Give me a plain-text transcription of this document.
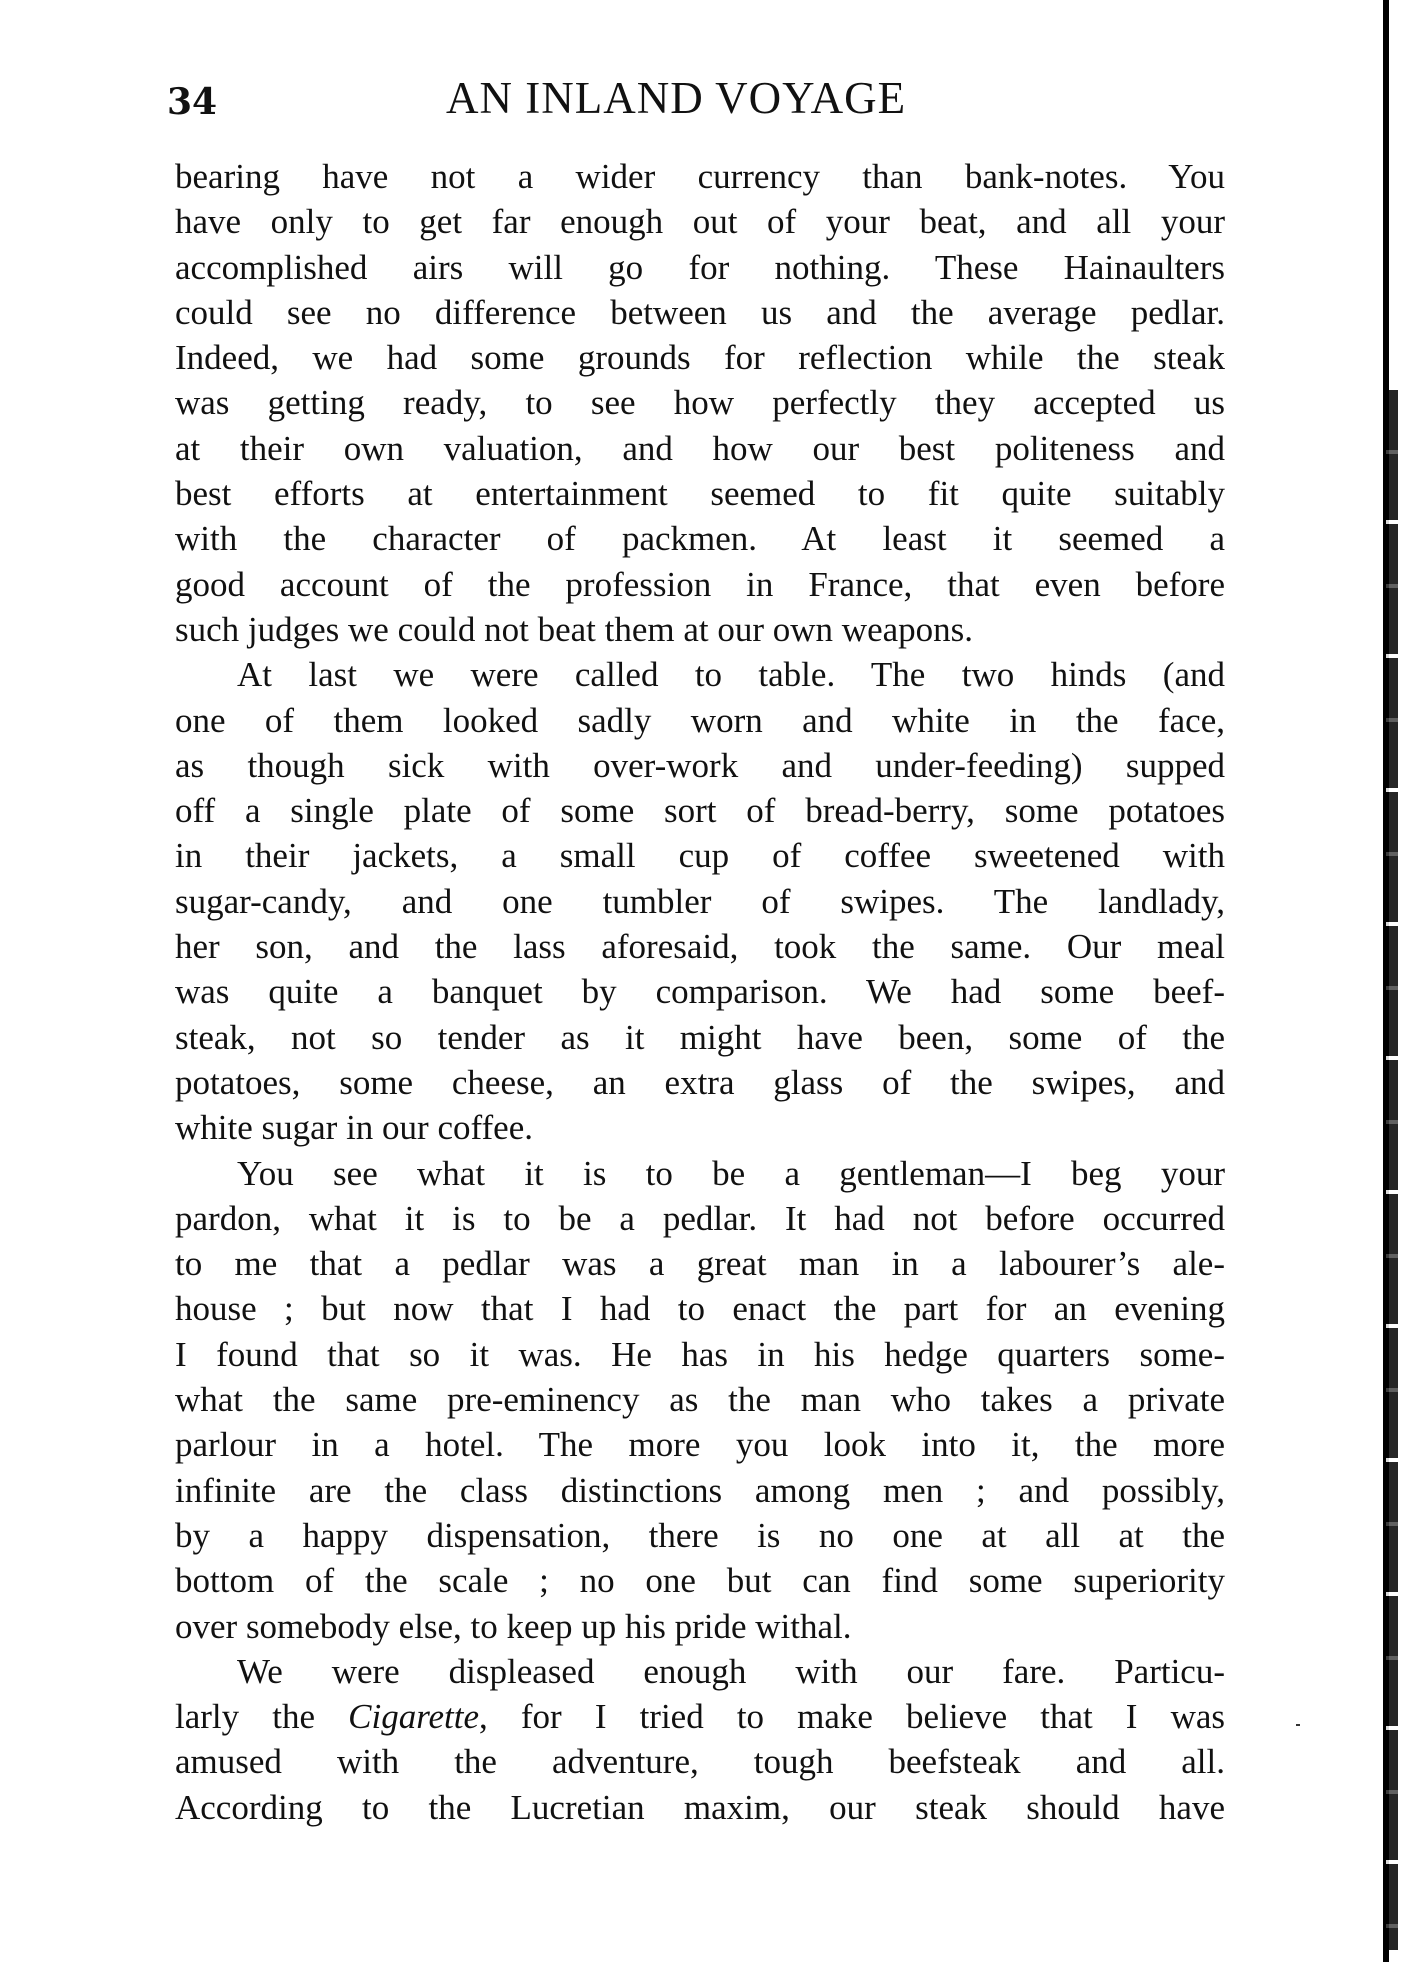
34	AN INLAND VOYAGE
bearing have not a wider currency than bank-notes. You
have only to get far enough out of your beat, and all your
accomplished airs will go for nothing. These Hainaulters
could see no difference between us and the average pedlar.
Indeed, we had some grounds for reflection while the steak
was getting ready, to see how perfectly they accepted us
at their own valuation, and how our best politeness and
best efforts at entertainment seemed to fit quite suitably
with the character of packmen. At least it seemed a
good account of the profession in France, that even before
such judges we could not beat them at our own weapons.
At last we were called to table. The two hinds (and
one of them looked sadly worn and white in the face,
as though sick with over-work and under-feeding) supped
off a single plate of some sort of bread-berry, some potatoes
in their jackets, a small cup of coffee sweetened with
sugar-candy, and one tumbler of swipes. The landlady,
her son, and the lass aforesaid, took the same. Our meal
was quite a banquet by comparison. We had some beef-
steak, not so tender as it might have been, some of the
potatoes, some cheese, an extra glass of the swipes, and
white sugar in our coffee.
You see what it is to be a gentleman—I beg your
pardon, what it is to be a pedlar. It had not before occurred
to me that a pedlar was a great man in a labourer’s ale-
house ; but now that I had to enact the part for an evening
I found that so it was. He has in his hedge quarters some-
what the same pre-eminency as the man who takes a private
parlour in a hotel. The more you look into it, the more
infinite are the class distinctions among men ; and possibly,
by a happy dispensation, there is no one at all at the
bottom of the scale ; no one but can find some superiority
over somebody else, to keep up his pride withal.
We were displeased enough with our fare. Particu-
larly the Cigarette, for I tried to make believe that I was
amused with the adventure, tough beefsteak and all.
According to the Lucretian maxim, our steak should have
